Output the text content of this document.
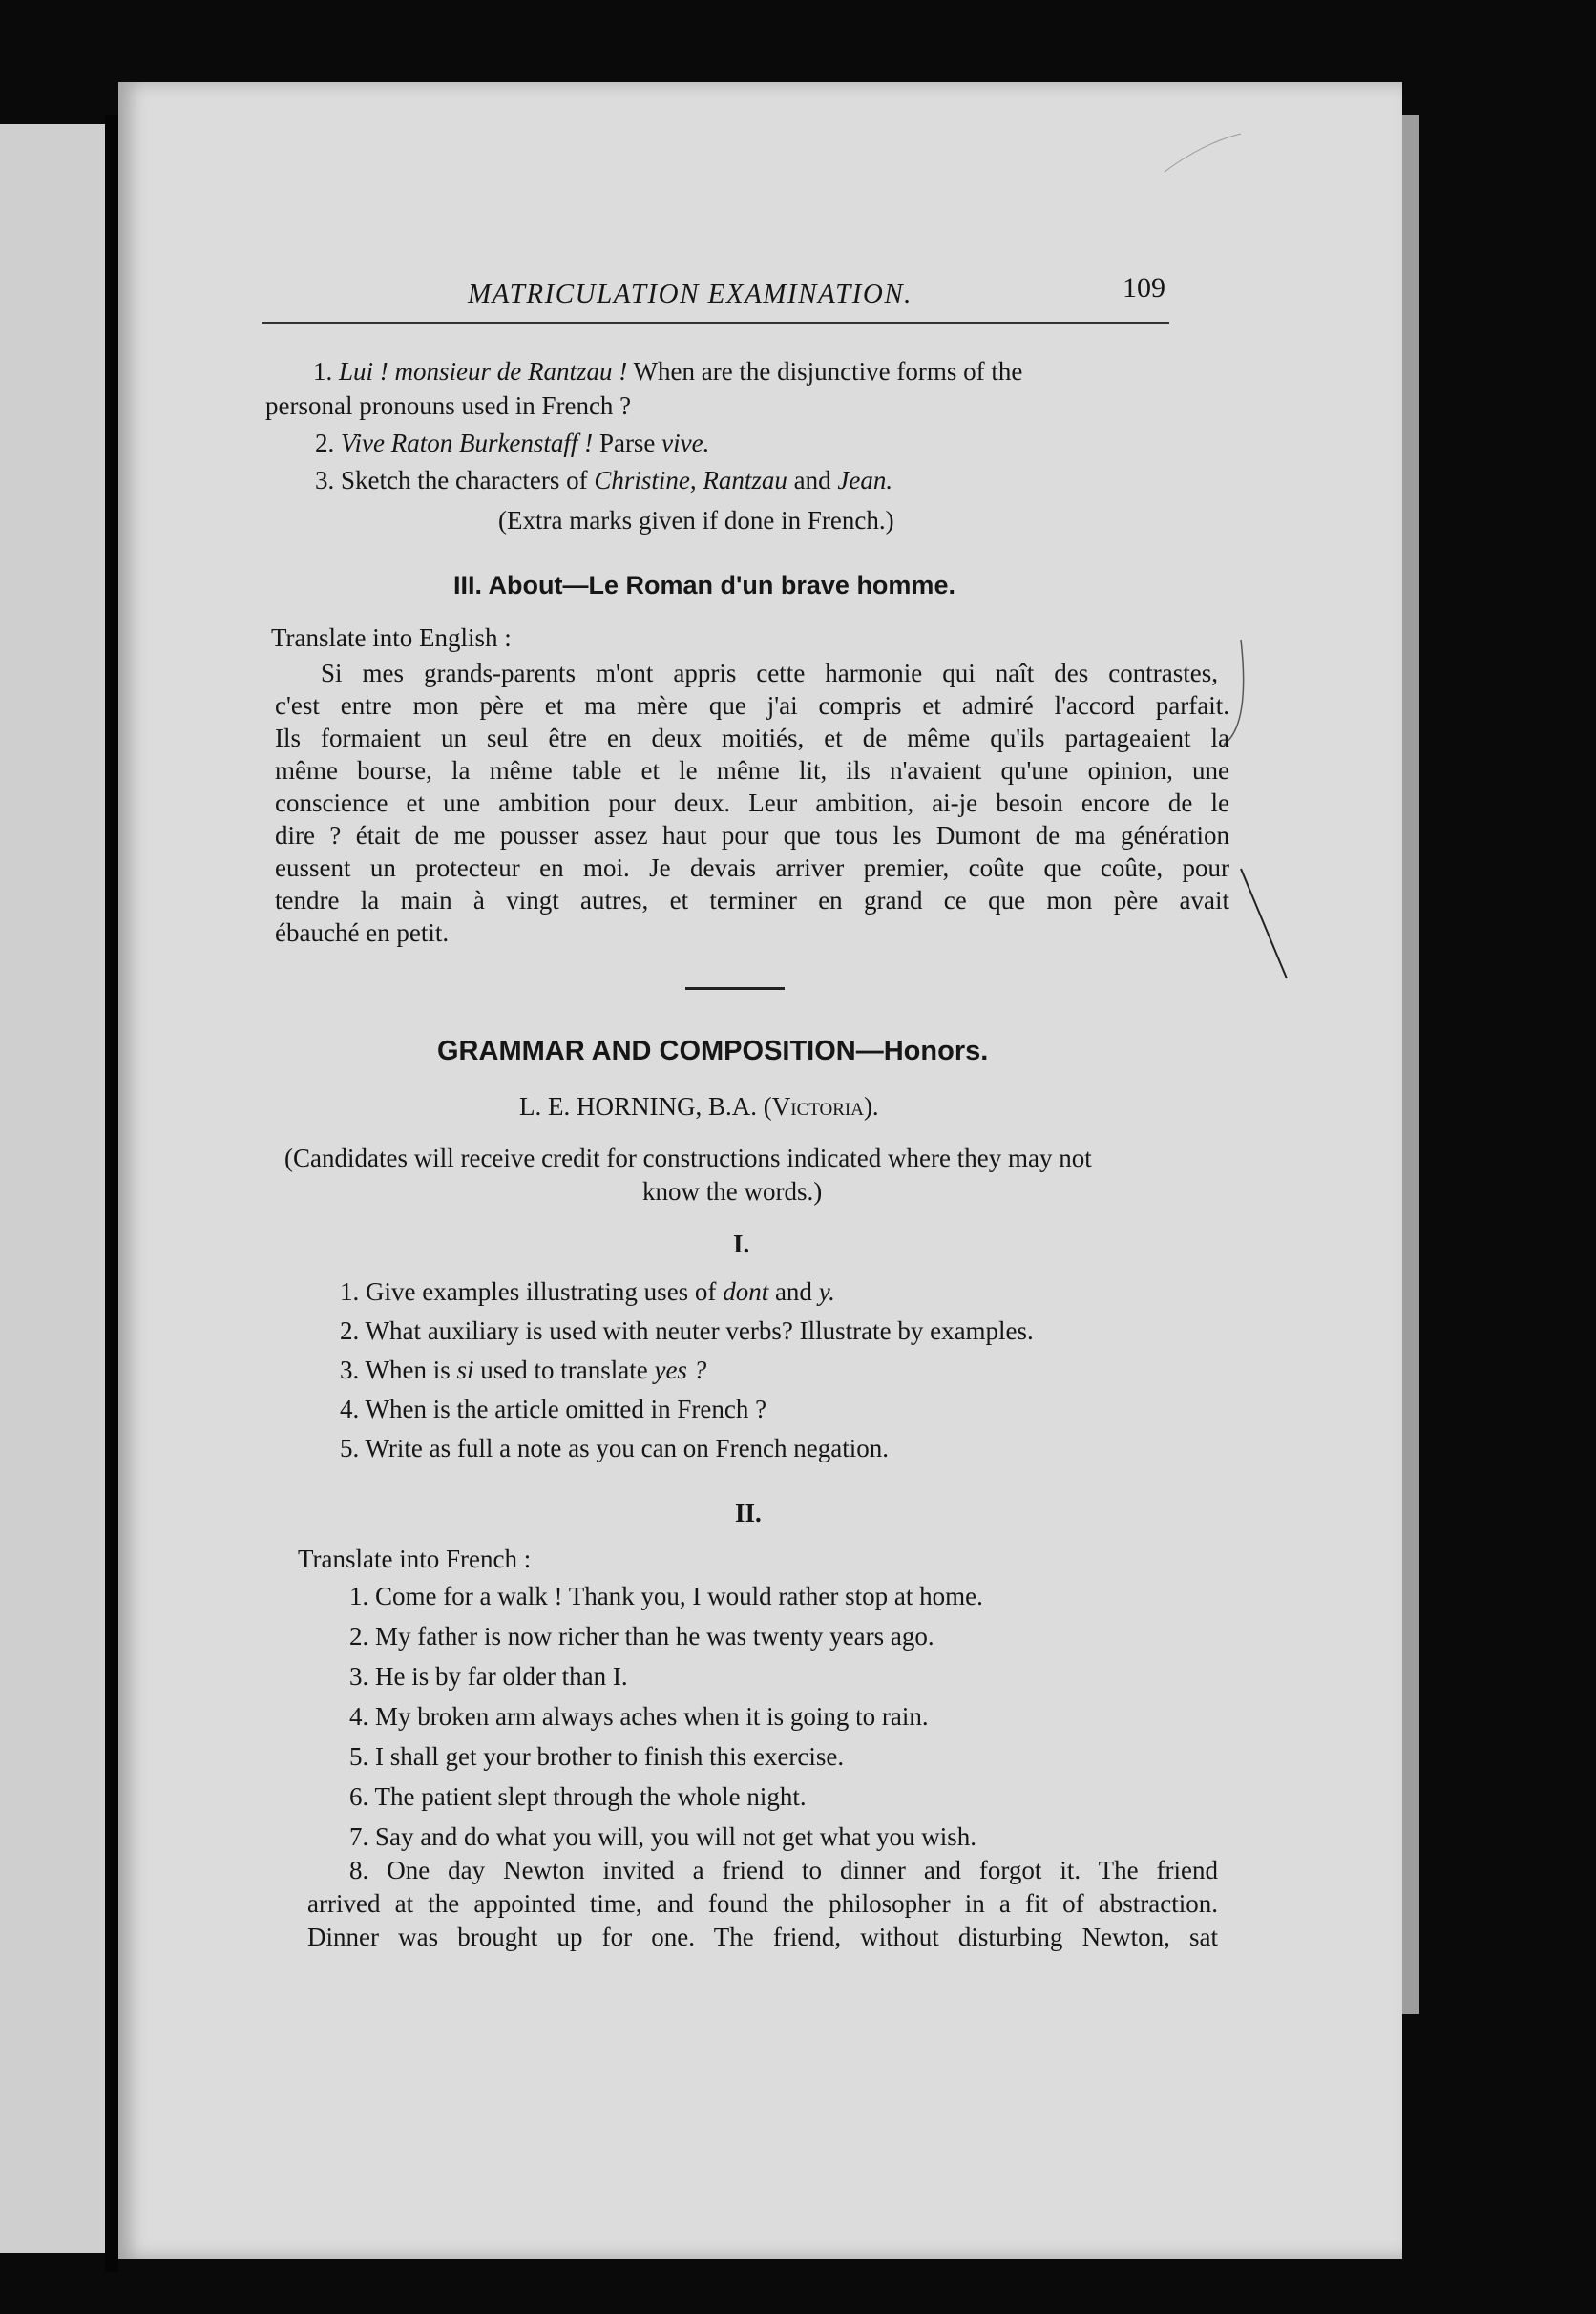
MATRICULATION EXAMINATION.	109
1. Lui ! monsieur de Rantzau ! When are the disjunctive forms of the
personal pronouns used in French ?
2. Vive Raton Burkenstaff ! Parse vive.
3. Sketch the characters of Christine, Rantzau and Jean.
(Extra marks given if done in French.)
III. About—Le Roman d'un brave homme.
Translate into English :
Si mes grands-parents m'ont appris cette harmonie qui naît des contrastes,
c'est entre mon père et ma mère que j'ai compris et admiré l'accord parfait.
Ils formaient un seul être en deux moitiés, et de même qu'ils partageaient la
même bourse, la même table et le même lit, ils n'avaient qu'une opinion, une
conscience et une ambition pour deux. Leur ambition, ai-je besoin encore de le
dire ? était de me pousser assez haut pour que tous les Dumont de ma génération
eussent un protecteur en moi. Je devais arriver premier, coûte que coûte, pour
tendre la main à vingt autres, et terminer en grand ce que mon père avait
ébauché en petit.
GRAMMAR AND COMPOSITION—Honors.
L. E. HORNING, B.A. (Victoria).
(Candidates will receive credit for constructions indicated where they may not
know the words.)
I.
1. Give examples illustrating uses of dont and y.
2. What auxiliary is used with neuter verbs? Illustrate by examples.
3. When is si used to translate yes ?
4. When is the article omitted in French ?
5. Write as full a note as you can on French negation.
II.
Translate into French :
1. Come for a walk ! Thank you, I would rather stop at home.
2. My father is now richer than he was twenty years ago.
3. He is by far older than I.
4. My broken arm always aches when it is going to rain.
5. I shall get your brother to finish this exercise.
6. The patient slept through the whole night.
7. Say and do what you will, you will not get what you wish.
8. One day Newton invited a friend to dinner and forgot it. The friend
arrived at the appointed time, and found the philosopher in a fit of abstraction.
Dinner was brought up for one. The friend, without disturbing Newton, sat
